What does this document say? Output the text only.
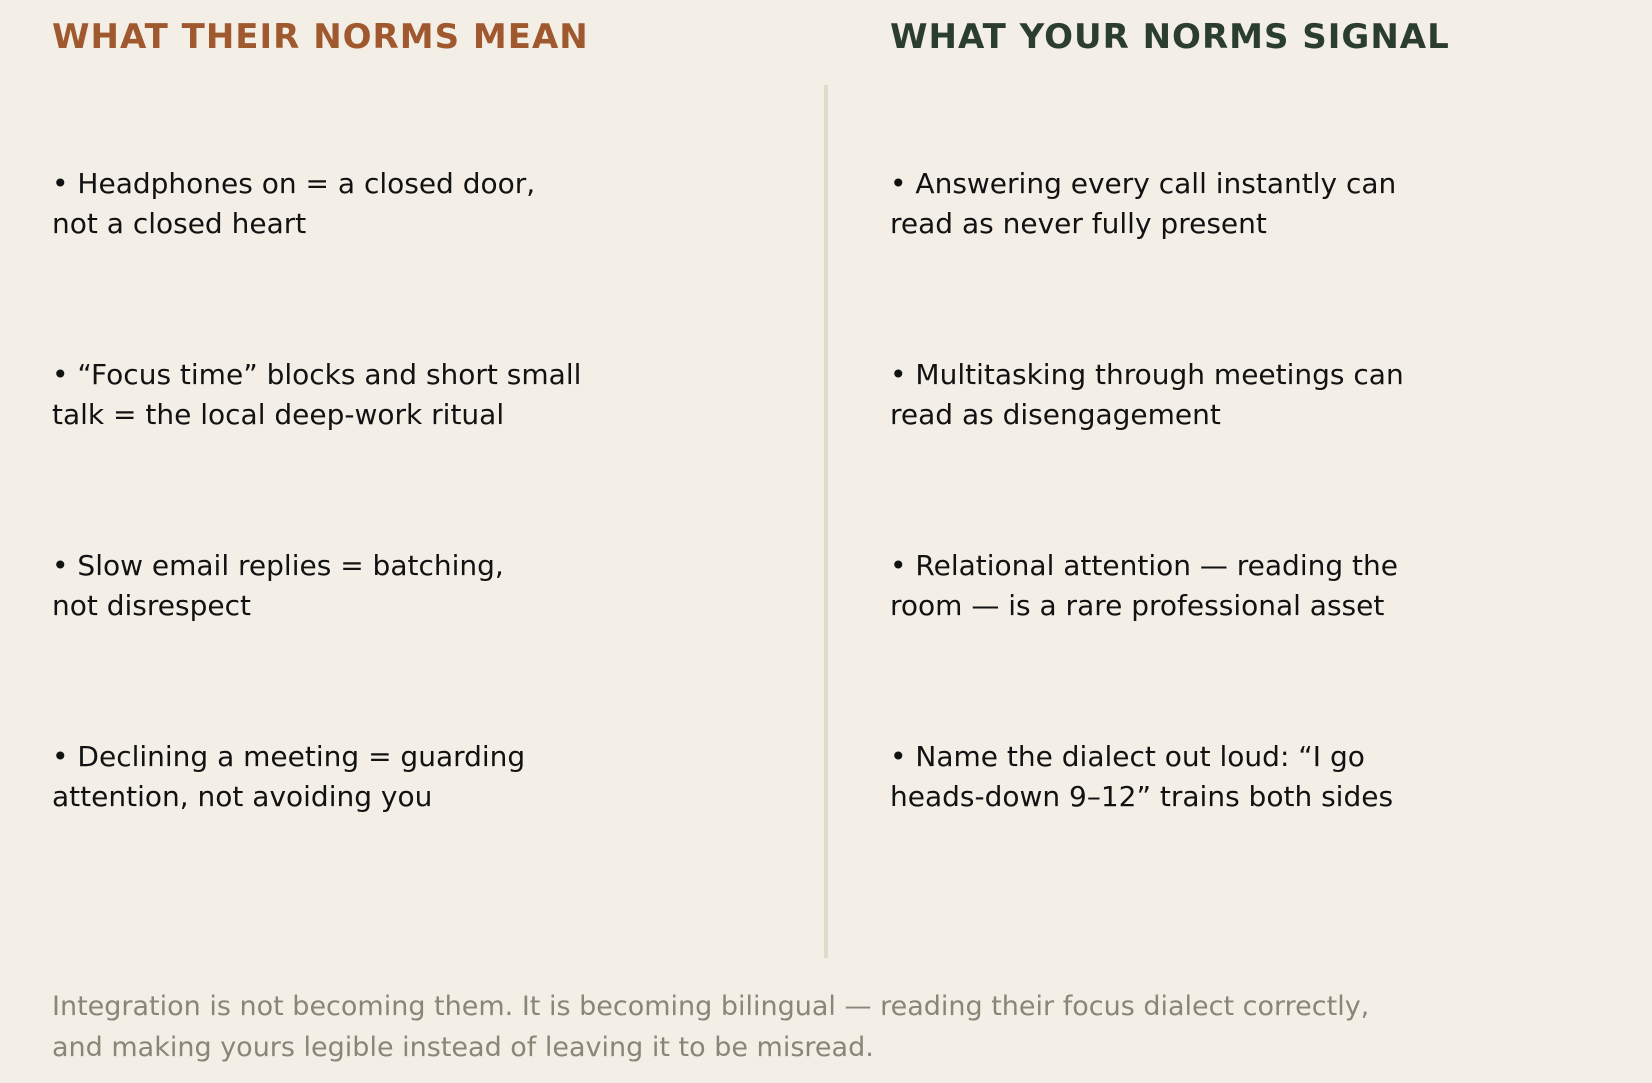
WHAT THEIR NORMS MEAN	WHAT YOUR NORMS SIGNAL
• Headphones on = a closed door,
not a closed heart
• “Focus time” blocks and short small
talk = the local deep-work ritual
• Slow email replies = batching,
not disrespect
• Declining a meeting = guarding
attention, not avoiding you
• Answering every call instantly can
read as never fully present
• Multitasking through meetings can
read as disengagement
• Relational attention — reading the
room — is a rare professional asset
• Name the dialect out loud: “I go
heads-down 9–12” trains both sides

Integration is not becoming them. It is becoming bilingual — reading their focus dialect correctly,
and making yours legible instead of leaving it to be misread.
